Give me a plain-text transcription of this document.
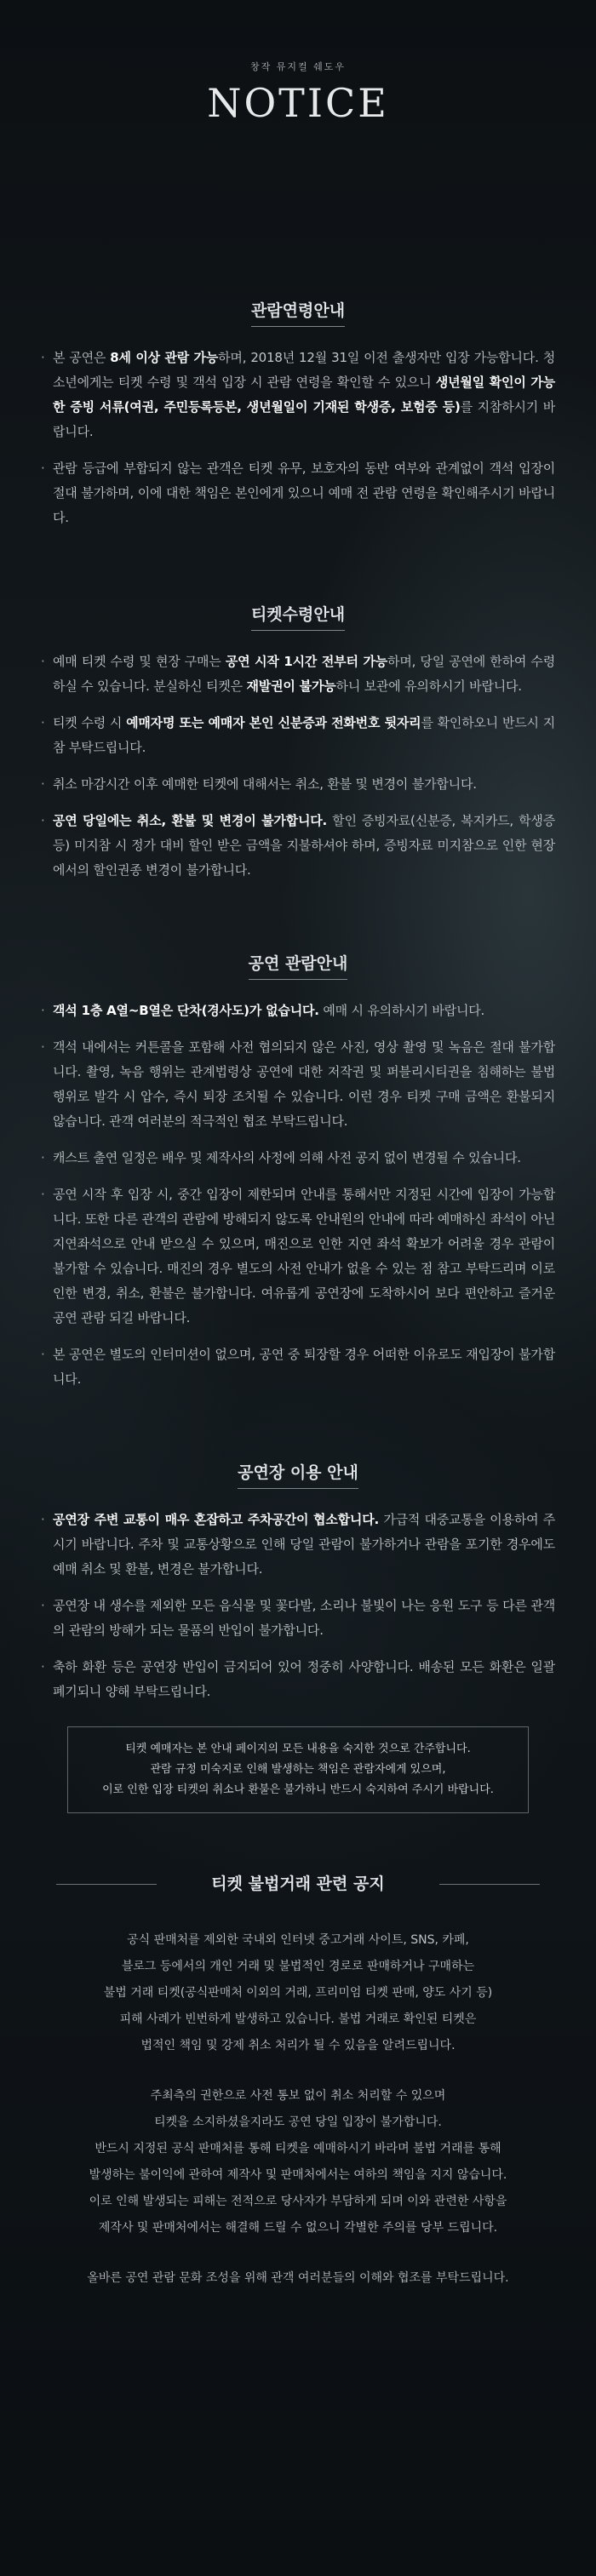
창작 뮤지컬 쉐도우
NOTICE
관람연령안내
· 본 공연은 8세 이상 관람 가능하며, 2018년 12월 31일 이전 출생자만 입장 가능합니다. 청소년에게는 티켓 수령 및 객석 입장 시 관람 연령을 확인할 수 있으니 생년월일 확인이 가능한 증빙 서류(여권, 주민등록등본, 생년월일이 기재된 학생증, 보험증 등)를 지참하시기 바랍니다.
· 관람 등급에 부합되지 않는 관객은 티켓 유무, 보호자의 동반 여부와 관계없이 객석 입장이 절대 불가하며, 이에 대한 책임은 본인에게 있으니 예매 전 관람 연령을 확인해주시기 바랍니다.
티켓수령안내
· 예매 티켓 수령 및 현장 구매는 공연 시작 1시간 전부터 가능하며, 당일 공연에 한하여 수령하실 수 있습니다. 분실하신 티켓은 재발권이 불가능하니 보관에 유의하시기 바랍니다.
· 티켓 수령 시 예매자명 또는 예매자 본인 신분증과 전화번호 뒷자리를 확인하오니 반드시 지참 부탁드립니다.
· 취소 마감시간 이후 예매한 티켓에 대해서는 취소, 환불 및 변경이 불가합니다.
· 공연 당일에는 취소, 환불 및 변경이 불가합니다. 할인 증빙자료(신분증, 복지카드, 학생증 등) 미지참 시 정가 대비 할인 받은 금액을 지불하셔야 하며, 증빙자료 미지참으로 인한 현장에서의 할인권종 변경이 불가합니다.
공연 관람안내
· 객석 1층 A열~B열은 단차(경사도)가 없습니다. 예매 시 유의하시기 바랍니다.
· 객석 내에서는 커튼콜을 포함해 사전 협의되지 않은 사진, 영상 촬영 및 녹음은 절대 불가합니다. 촬영, 녹음 행위는 관계법령상 공연에 대한 저작권 및 퍼블리시티권을 침해하는 불법 행위로 발각 시 압수, 즉시 퇴장 조치될 수 있습니다. 이런 경우 티켓 구매 금액은 환불되지 않습니다. 관객 여러분의 적극적인 협조 부탁드립니다.
· 캐스트 출연 일정은 배우 및 제작사의 사정에 의해 사전 공지 없이 변경될 수 있습니다.
· 공연 시작 후 입장 시, 중간 입장이 제한되며 안내를 통해서만 지정된 시간에 입장이 가능합니다. 또한 다른 관객의 관람에 방해되지 않도록 안내원의 안내에 따라 예매하신 좌석이 아닌 지연좌석으로 안내 받으실 수 있으며, 매진으로 인한 지연 좌석 확보가 어려울 경우 관람이 불가할 수 있습니다. 매진의 경우 별도의 사전 안내가 없을 수 있는 점 참고 부탁드리며 이로 인한 변경, 취소, 환불은 불가합니다. 여유롭게 공연장에 도착하시어 보다 편안하고 즐거운 공연 관람 되길 바랍니다.
· 본 공연은 별도의 인터미션이 없으며, 공연 중 퇴장할 경우 어떠한 이유로도 재입장이 불가합니다.
공연장 이용 안내
· 공연장 주변 교통이 매우 혼잡하고 주차공간이 협소합니다. 가급적 대중교통을 이용하여 주시기 바랍니다. 주차 및 교통상황으로 인해 당일 관람이 불가하거나 관람을 포기한 경우에도 예매 취소 및 환불, 변경은 불가합니다.
· 공연장 내 생수를 제외한 모든 음식물 및 꽃다발, 소리나 불빛이 나는 응원 도구 등 다른 관객의 관람의 방해가 되는 물품의 반입이 불가합니다.
· 축하 화환 등은 공연장 반입이 금지되어 있어 정중히 사양합니다. 배송된 모든 화환은 일괄 폐기되니 양해 부탁드립니다.
티켓 예매자는 본 안내 페이지의 모든 내용을 숙지한 것으로 간주합니다.
관람 규정 미숙지로 인해 발생하는 책임은 관람자에게 있으며,
이로 인한 입장 티켓의 취소나 환불은 불가하니 반드시 숙지하여 주시기 바랍니다.
티켓 불법거래 관련 공지

공식 판매처를 제외한 국내외 인터넷 중고거래 사이트, SNS, 카페,
블로그 등에서의 개인 거래 및 불법적인 경로로 판매하거나 구매하는
불법 거래 티켓(공식판매처 이외의 거래, 프리미엄 티켓 판매, 양도 사기 등)
피해 사례가 빈번하게 발생하고 있습니다. 불법 거래로 확인된 티켓은
법적인 책임 및 강제 취소 처리가 될 수 있음을 알려드립니다.

주최측의 권한으로 사전 통보 없이 취소 처리할 수 있으며
티켓을 소지하셨을지라도 공연 당일 입장이 불가합니다.
반드시 지정된 공식 판매처를 통해 티켓을 예매하시기 바라며 불법 거래를 통해
발생하는 불이익에 관하여 제작사 및 판매처에서는 여하의 책임을 지지 않습니다.
이로 인해 발생되는 피해는 전적으로 당사자가 부담하게 되며 이와 관련한 사항을
제작사 및 판매처에서는 해결해 드릴 수 없으니 각별한 주의를 당부 드립니다.

올바른 공연 관람 문화 조성을 위해 관객 여러분들의 이해와 협조를 부탁드립니다.
